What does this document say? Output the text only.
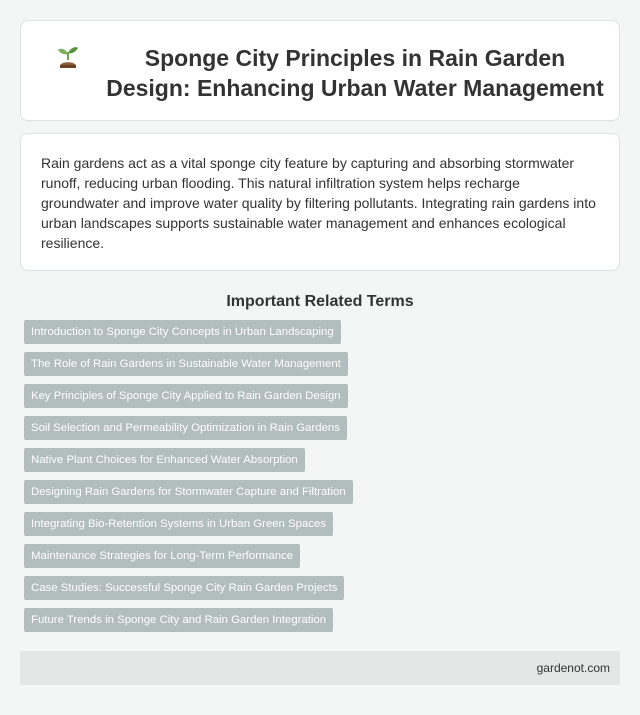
Sponge City Principles in Rain Garden Design: Enhancing Urban Water Management

Rain gardens act as a vital sponge city feature by capturing and absorbing stormwater runoff, reducing urban flooding. This natural infiltration system helps recharge groundwater and improve water quality by filtering pollutants. Integrating rain gardens into urban landscapes supports sustainable water management and enhances ecological resilience.

Important Related Terms
Introduction to Sponge City Concepts in Urban Landscaping
The Role of Rain Gardens in Sustainable Water Management
Key Principles of Sponge City Applied to Rain Garden Design
Soil Selection and Permeability Optimization in Rain Gardens
Native Plant Choices for Enhanced Water Absorption
Designing Rain Gardens for Stormwater Capture and Filtration
Integrating Bio-Retention Systems in Urban Green Spaces
Maintenance Strategies for Long-Term Performance
Case Studies: Successful Sponge City Rain Garden Projects
Future Trends in Sponge City and Rain Garden Integration
gardenot.com
